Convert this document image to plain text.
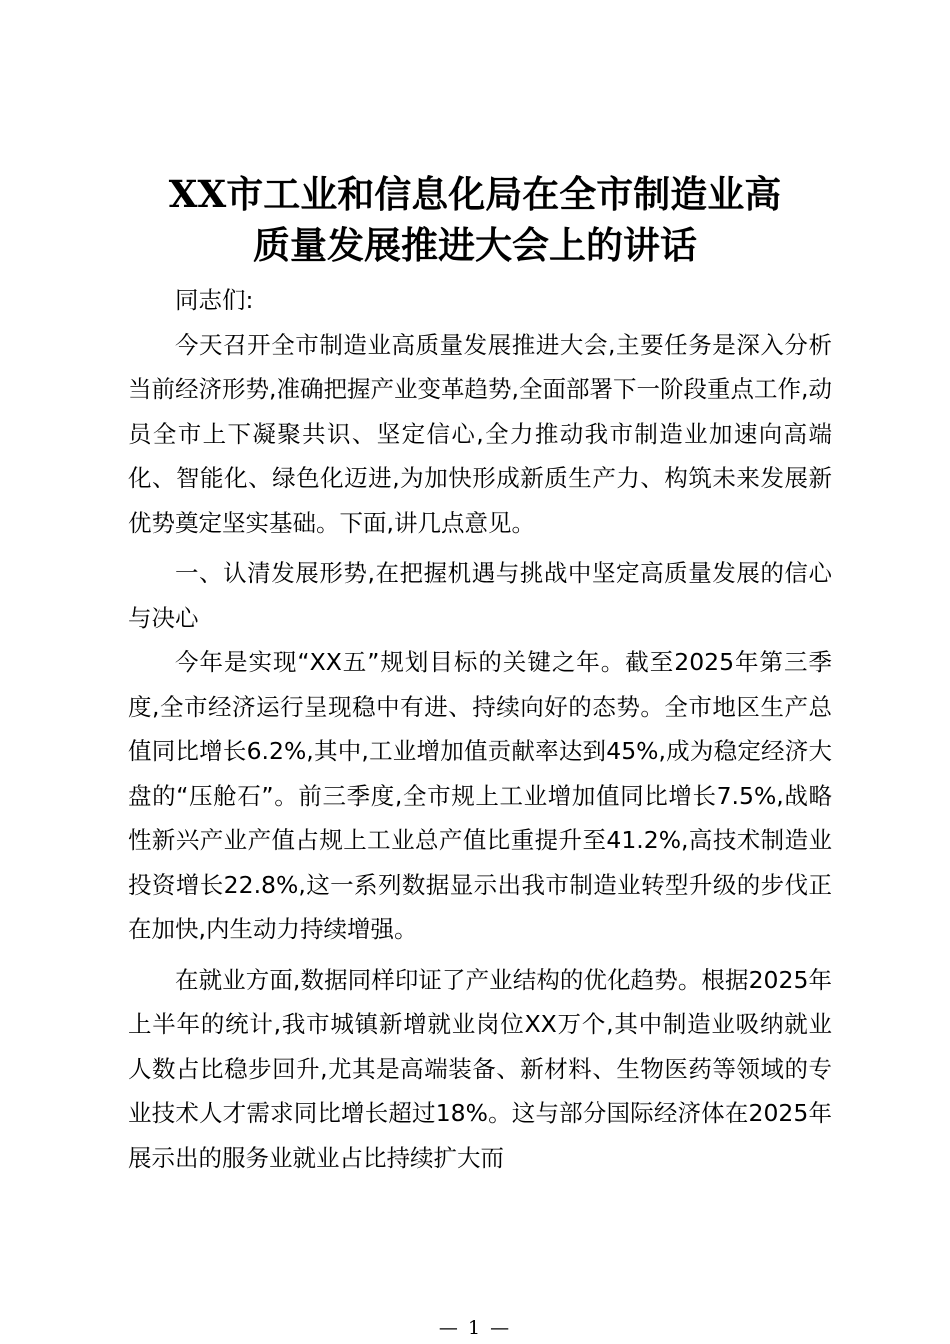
XX市工业和信息化局在全市制造业高
质量发展推进大会上的讲话

同志们:

今天召开全市制造业高质量发展推进大会,主要任务是深入分析当前经济形势,准确把握产业变革趋势,全面部署下一阶段重点工作,动员全市上下凝聚共识、坚定信心,全力推动我市制造业加速向高端化、智能化、绿色化迈进,为加快形成新质生产力、构筑未来发展新优势奠定坚实基础。下面,讲几点意见。

一、认清发展形势,在把握机遇与挑战中坚定高质量发展的信心与决心

今年是实现“XX五”规划目标的关键之年。截至2025年第三季度,全市经济运行呈现稳中有进、持续向好的态势。全市地区生产总值同比增长6.2%,其中,工业增加值贡献率达到45%,成为稳定经济大盘的“压舱石”。前三季度,全市规上工业增加值同比增长7.5%,战略性新兴产业产值占规上工业总产值比重提升至41.2%,高技术制造业投资增长22.8%,这一系列数据显示出我市制造业转型升级的步伐正在加快,内生动力持续增强。

在就业方面,数据同样印证了产业结构的优化趋势。根据2025年上半年的统计,我市城镇新增就业岗位XX万个,其中制造业吸纳就业人数占比稳步回升,尤其是高端装备、新材料、生物医药等领域的专业技术人才需求同比增长超过18%。这与部分国际经济体在2025年展示出的服务业就业占比持续扩大而

— 1 —
